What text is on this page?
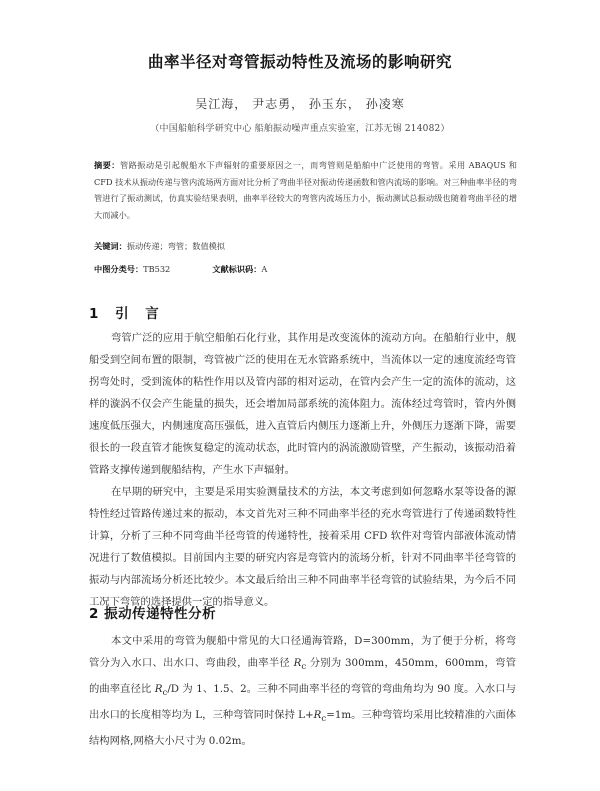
曲率半径对弯管振动特性及流场的影响研究
吴江海， 尹志勇， 孙玉东， 孙凌寒
（中国船舶科学研究中心 船舶振动噪声重点实验室，江苏无锡 214082）
摘要：管路振动是引起舰船水下声辐射的重要原因之一，而弯管则是船舶中广泛使用的弯管。采用 ABAQUS 和 CFD 技术从振动传递与管内流场两方面对比分析了弯曲半径对振动传递函数和管内流场的影响。对三种曲率半径的弯管进行了振动测试，仿真实验结果表明，曲率半径较大的弯管内流场压力小，振动测试总振动级也随着弯曲半径的增大而减小。
关键词：振动传递；弯管；数值模拟
中图分类号：TB532	文献标识码：A
1 引 言
弯管广泛的应用于航空船舶石化行业，其作用是改变流体的流动方向。在船舶行业中，舰船受到空间布置的限制，弯管被广泛的使用在无水管路系统中，当流体以一定的速度流经弯管拐弯处时，受到流体的粘性作用以及管内部的相对运动，在管内会产生一定的流体的流动，这样的漩涡不仅会产生能量的损失，还会增加局部系统的流体阻力。流体经过弯管时，管内外侧速度低压强大，内侧速度高压强低，进入直管后内侧压力逐渐上升，外侧压力逐渐下降，需要很长的一段直管才能恢复稳定的流动状态，此时管内的涡流激励管壁，产生振动，该振动沿着管路支撑传递到舰船结构，产生水下声辐射。
在早期的研究中，主要是采用实验测量技术的方法，本文考虑到如何忽略水泵等设备的源特性经过管路传递过来的振动，本文首先对三种不同曲率半径的充水弯管进行了传递函数特性计算，分析了三种不同弯曲半径弯管的传递特性，接着采用 CFD 软件对弯管内部液体流动情况进行了数值模拟。目前国内主要的研究内容是弯管内的流场分析，针对不同曲率半径弯管的振动与内部流场分析还比较少。本文最后给出三种不同曲率半径弯管的试验结果，为今后不同工况下弯管的选择提供一定的指导意义。
2 振动传递特性分析
本文中采用的弯管为舰船中常见的大口径通海管路，D=300mm，为了便于分析，将弯管分为入水口、出水口、弯曲段，曲率半径 $R_c$ 分别为 300mm，450mm，600mm，弯管的曲率直径比 $R_c/D$ 为 1、1.5、2。三种不同曲率半径的弯管的弯曲角均为 90 度。入水口与出水口的长度相等均为 L，三种弯管同时保持 $L+R_c=1m$。三种弯管均采用比较精准的六面体结构网格,网格大小尺寸为 0.02m。
